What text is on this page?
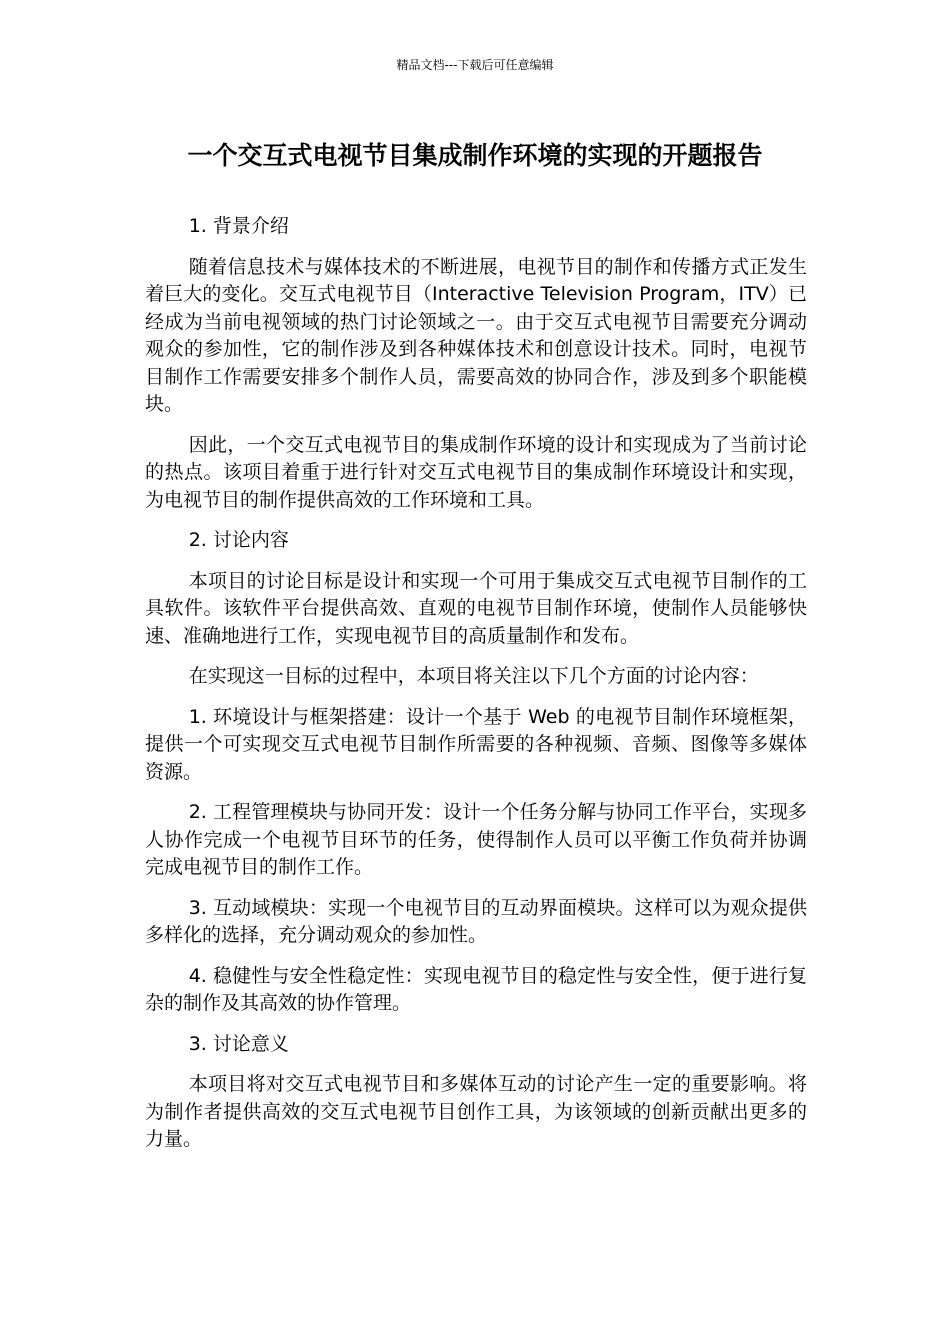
精品文档---下载后可任意编辑
一个交互式电视节目集成制作环境的实现的开题报告

1. 背景介绍

随着信息技术与媒体技术的不断进展，电视节目的制作和传播方式正发生着巨大的变化。交互式电视节目（Interactive Television Program，ITV）已经成为当前电视领域的热门讨论领域之一。由于交互式电视节目需要充分调动观众的参加性，它的制作涉及到各种媒体技术和创意设计技术。同时，电视节目制作工作需要安排多个制作人员，需要高效的协同合作，涉及到多个职能模块。

因此，一个交互式电视节目的集成制作环境的设计和实现成为了当前讨论的热点。该项目着重于进行针对交互式电视节目的集成制作环境设计和实现，为电视节目的制作提供高效的工作环境和工具。

2. 讨论内容

本项目的讨论目标是设计和实现一个可用于集成交互式电视节目制作的工具软件。该软件平台提供高效、直观的电视节目制作环境，使制作人员能够快速、准确地进行工作，实现电视节目的高质量制作和发布。

在实现这一目标的过程中，本项目将关注以下几个方面的讨论内容：

1. 环境设计与框架搭建：设计一个基于 Web 的电视节目制作环境框架，提供一个可实现交互式电视节目制作所需要的各种视频、音频、图像等多媒体资源。

2. 工程管理模块与协同开发：设计一个任务分解与协同工作平台，实现多人协作完成一个电视节目环节的任务，使得制作人员可以平衡工作负荷并协调完成电视节目的制作工作。

3. 互动域模块：实现一个电视节目的互动界面模块。这样可以为观众提供多样化的选择，充分调动观众的参加性。

4. 稳健性与安全性稳定性：实现电视节目的稳定性与安全性，便于进行复杂的制作及其高效的协作管理。

3. 讨论意义

本项目将对交互式电视节目和多媒体互动的讨论产生一定的重要影响。将为制作者提供高效的交互式电视节目创作工具，为该领域的创新贡献出更多的力量。
